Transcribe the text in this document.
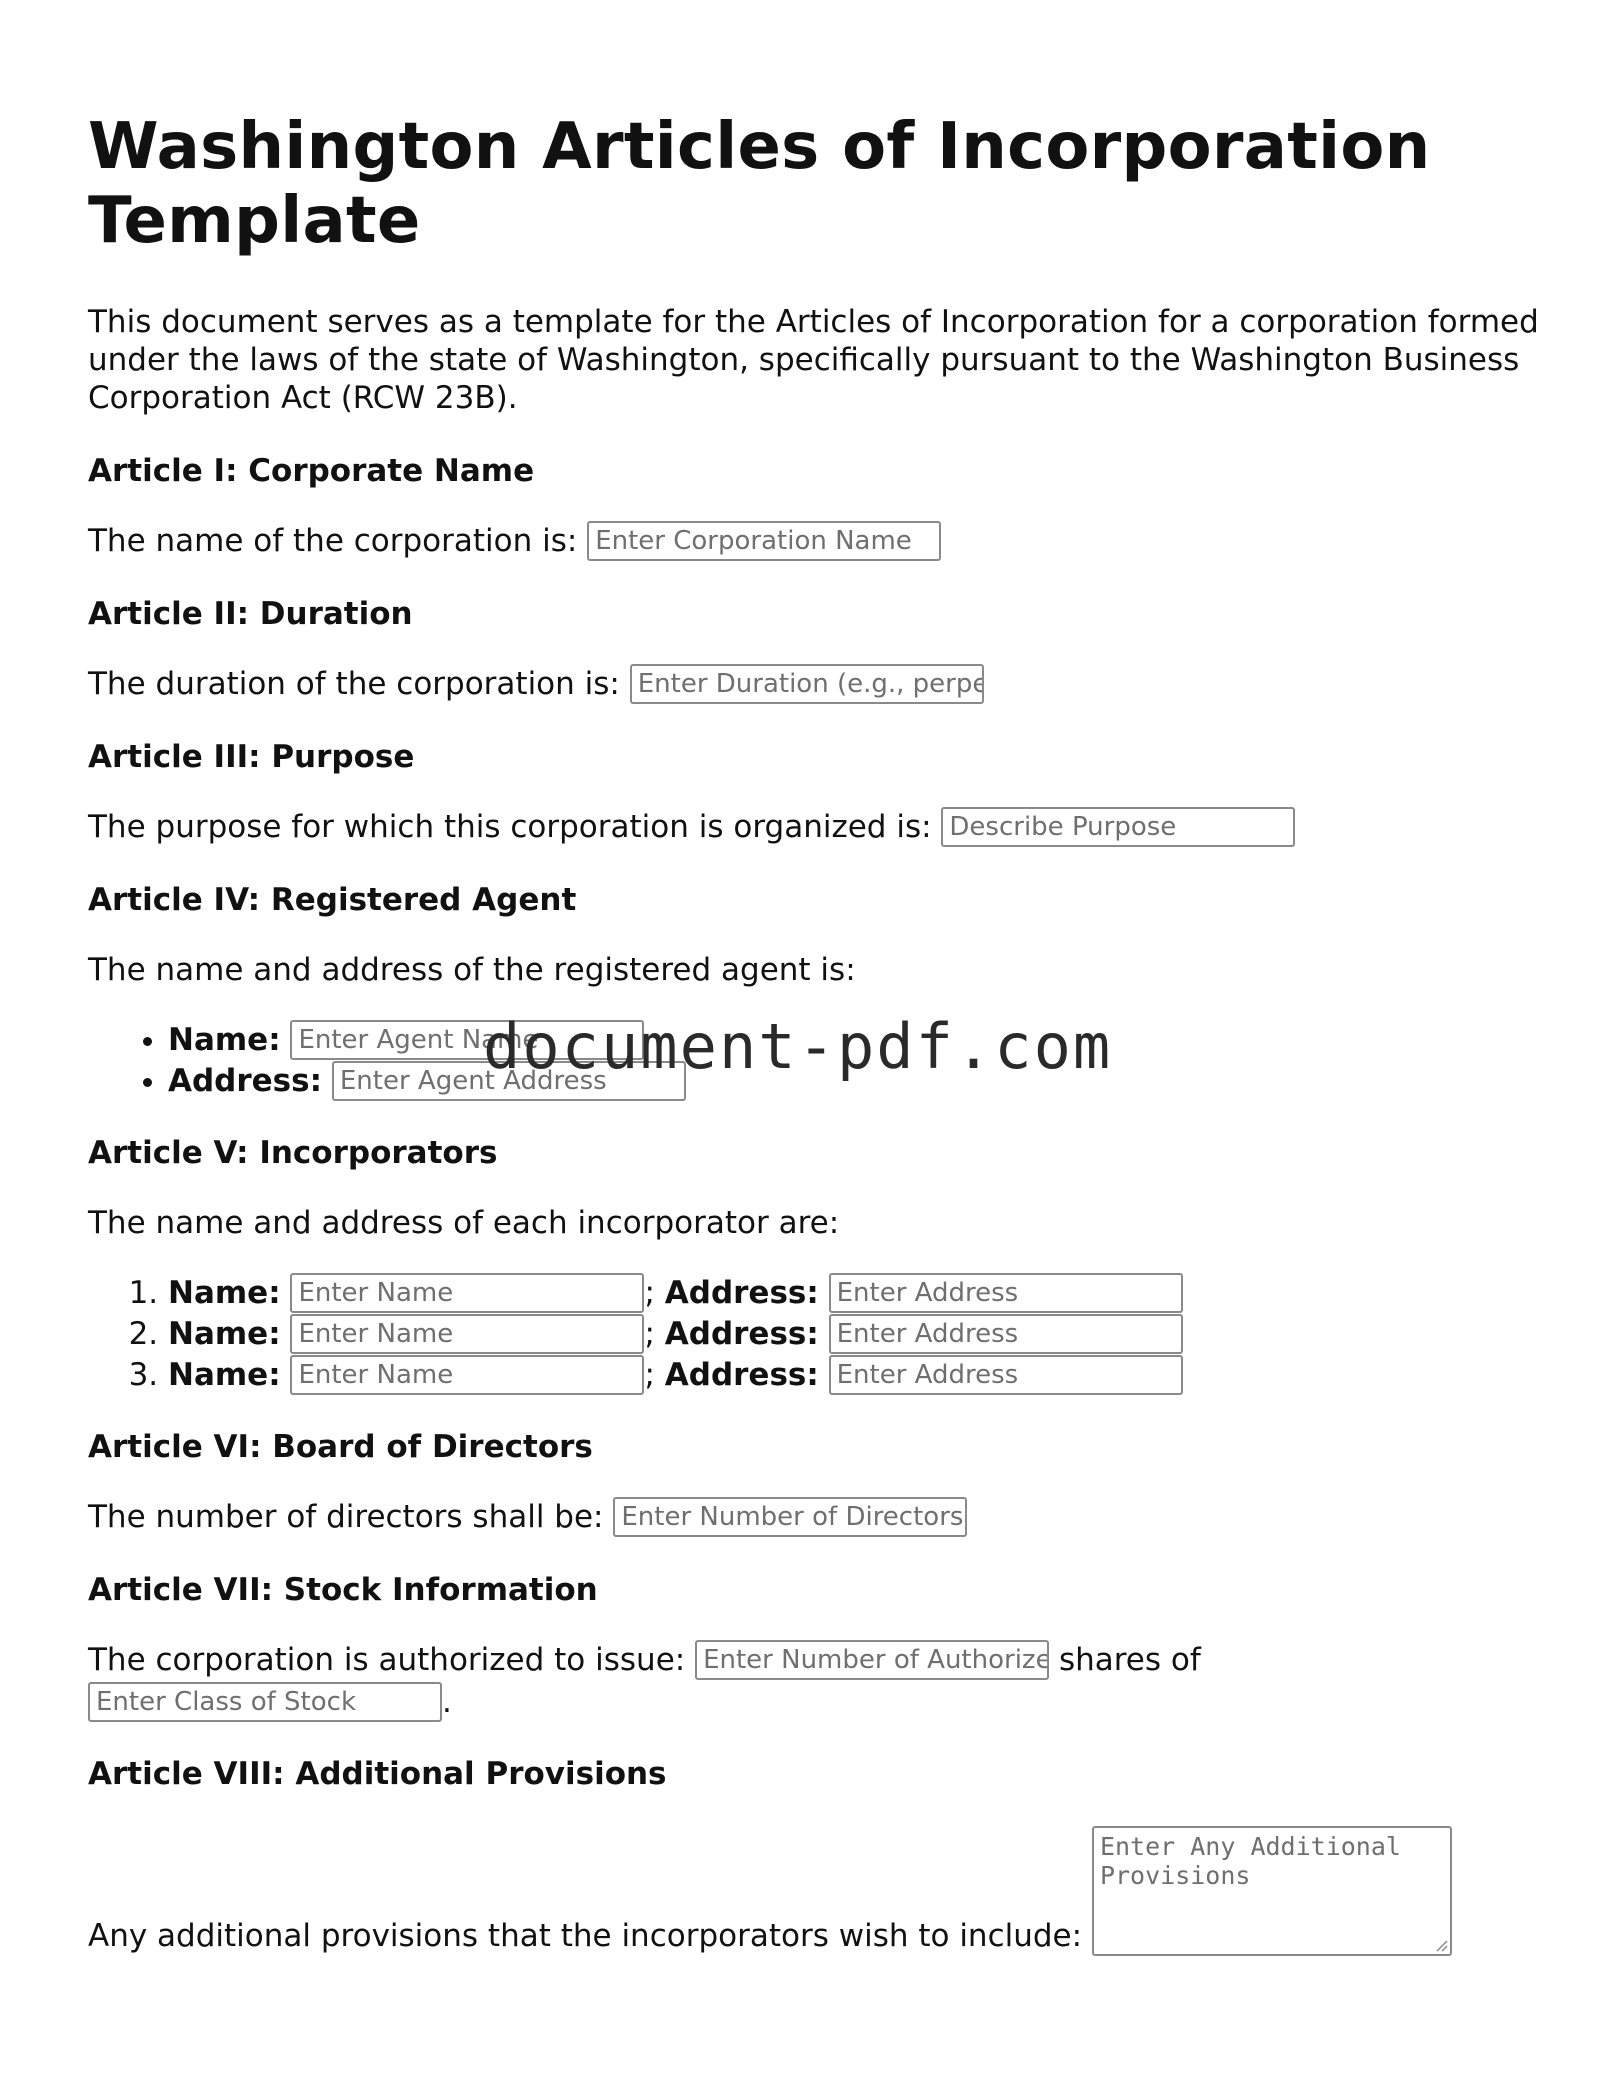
Washington Articles of Incorporation Template

This document serves as a template for the Articles of Incorporation for a corporation formed under the laws of the state of Washington, specifically pursuant to the Washington Business Corporation Act (RCW 23B).

Article I: Corporate Name

The name of the corporation is: Enter Corporation Name

Article II: Duration

The duration of the corporation is: Enter Duration (e.g., perpe

Article III: Purpose

The purpose for which this corporation is organized is: Describe Purpose

Article IV: Registered Agent

The name and address of the registered agent is:

• Name: Enter Agent Name
• Address: Enter Agent Address

Article V: Incorporators

The name and address of each incorporator are:

1. Name: Enter Name	; Address: Enter Address
2. Name: Enter Name	; Address: Enter Address
3. Name: Enter Name	; Address: Enter Address

Article VI: Board of Directors

The number of directors shall be: Enter Number of Directors

Article VII: Stock Information

The corporation is authorized to issue: Enter Number of Authorize	shares of

Enter Class of Stock.

Article VIII: Additional Provisions

Any additional provisions that the incorporators wish to include: Enter Any Additional Provisions

document-pdf.com
